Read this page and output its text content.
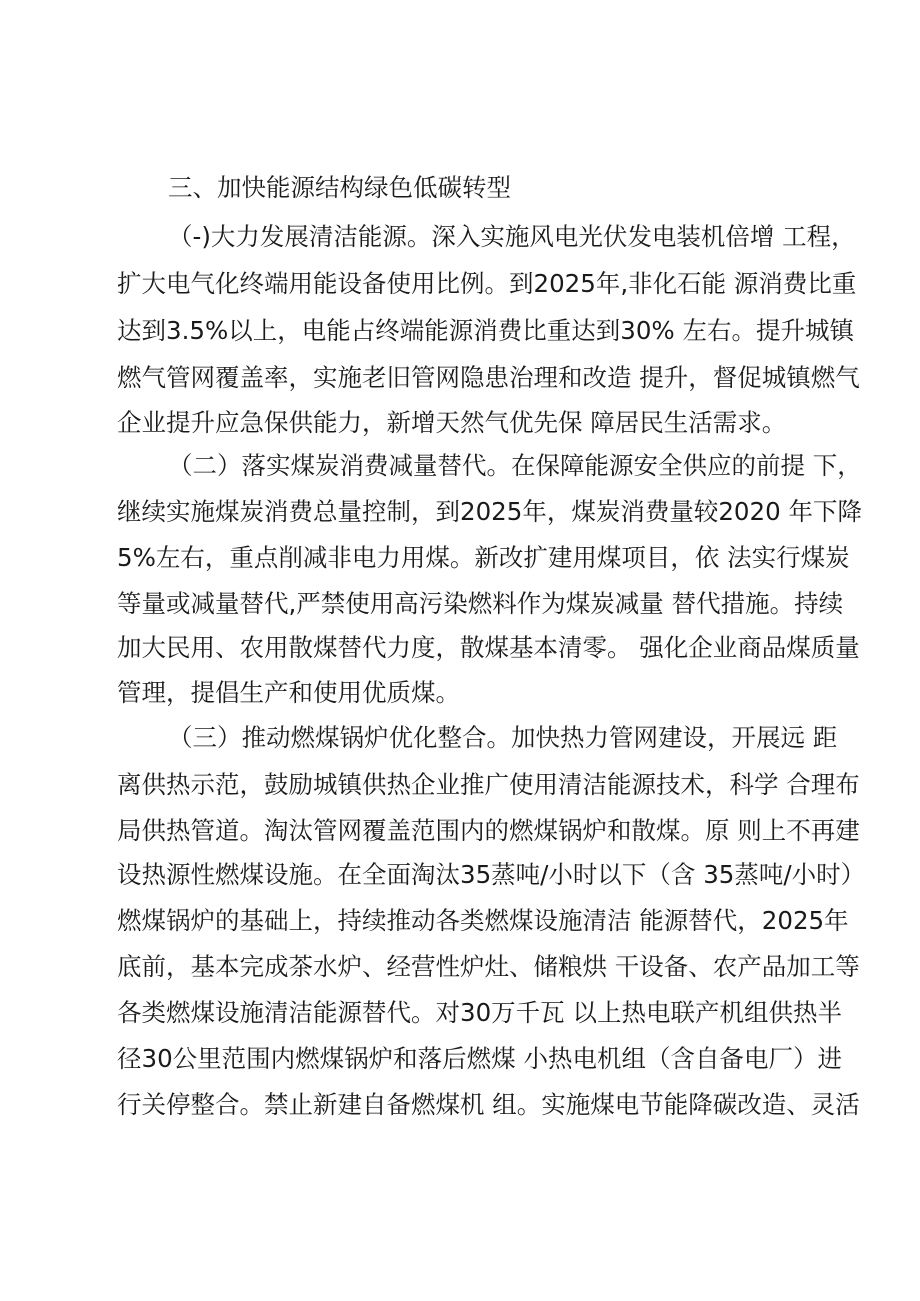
三、加快能源结构绿色低碳转型
（-)大力发展清洁能源。深入实施风电光伏发电装机倍增 工程，
扩大电气化终端用能设备使用比例。到2025年,非化石能 源消费比重
达到3.5%以上，电能占终端能源消费比重达到30% 左右。提升城镇
燃气管网覆盖率，实施老旧管网隐患治理和改造 提升，督促城镇燃气
企业提升应急保供能力，新增天然气优先保 障居民生活需求。
（二）落实煤炭消费减量替代。在保障能源安全供应的前提 下，
继续实施煤炭消费总量控制，到2025年，煤炭消费量较2020 年下降
5%左右，重点削减非电力用煤。新改扩建用煤项目，依 法实行煤炭
等量或减量替代,严禁使用高污染燃料作为煤炭减量 替代措施。持续
加大民用、农用散煤替代力度，散煤基本清零。 强化企业商品煤质量
管理，提倡生产和使用优质煤。
（三）推动燃煤锅炉优化整合。加快热力管网建设，开展远 距
离供热示范，鼓励城镇供热企业推广使用清洁能源技术，科学 合理布
局供热管道。淘汰管网覆盖范围内的燃煤锅炉和散煤。原 则上不再建
设热源性燃煤设施。在全面淘汰35蒸吨/小时以下（含 35蒸吨/小时）
燃煤锅炉的基础上，持续推动各类燃煤设施清洁 能源替代，2025年
底前，基本完成茶水炉、经营性炉灶、储粮烘 干设备、农产品加工等
各类燃煤设施清洁能源替代。对30万千瓦 以上热电联产机组供热半
径30公里范围内燃煤锅炉和落后燃煤 小热电机组（含自备电厂）进
行关停整合。禁止新建自备燃煤机 组。实施煤电节能降碳改造、灵活
